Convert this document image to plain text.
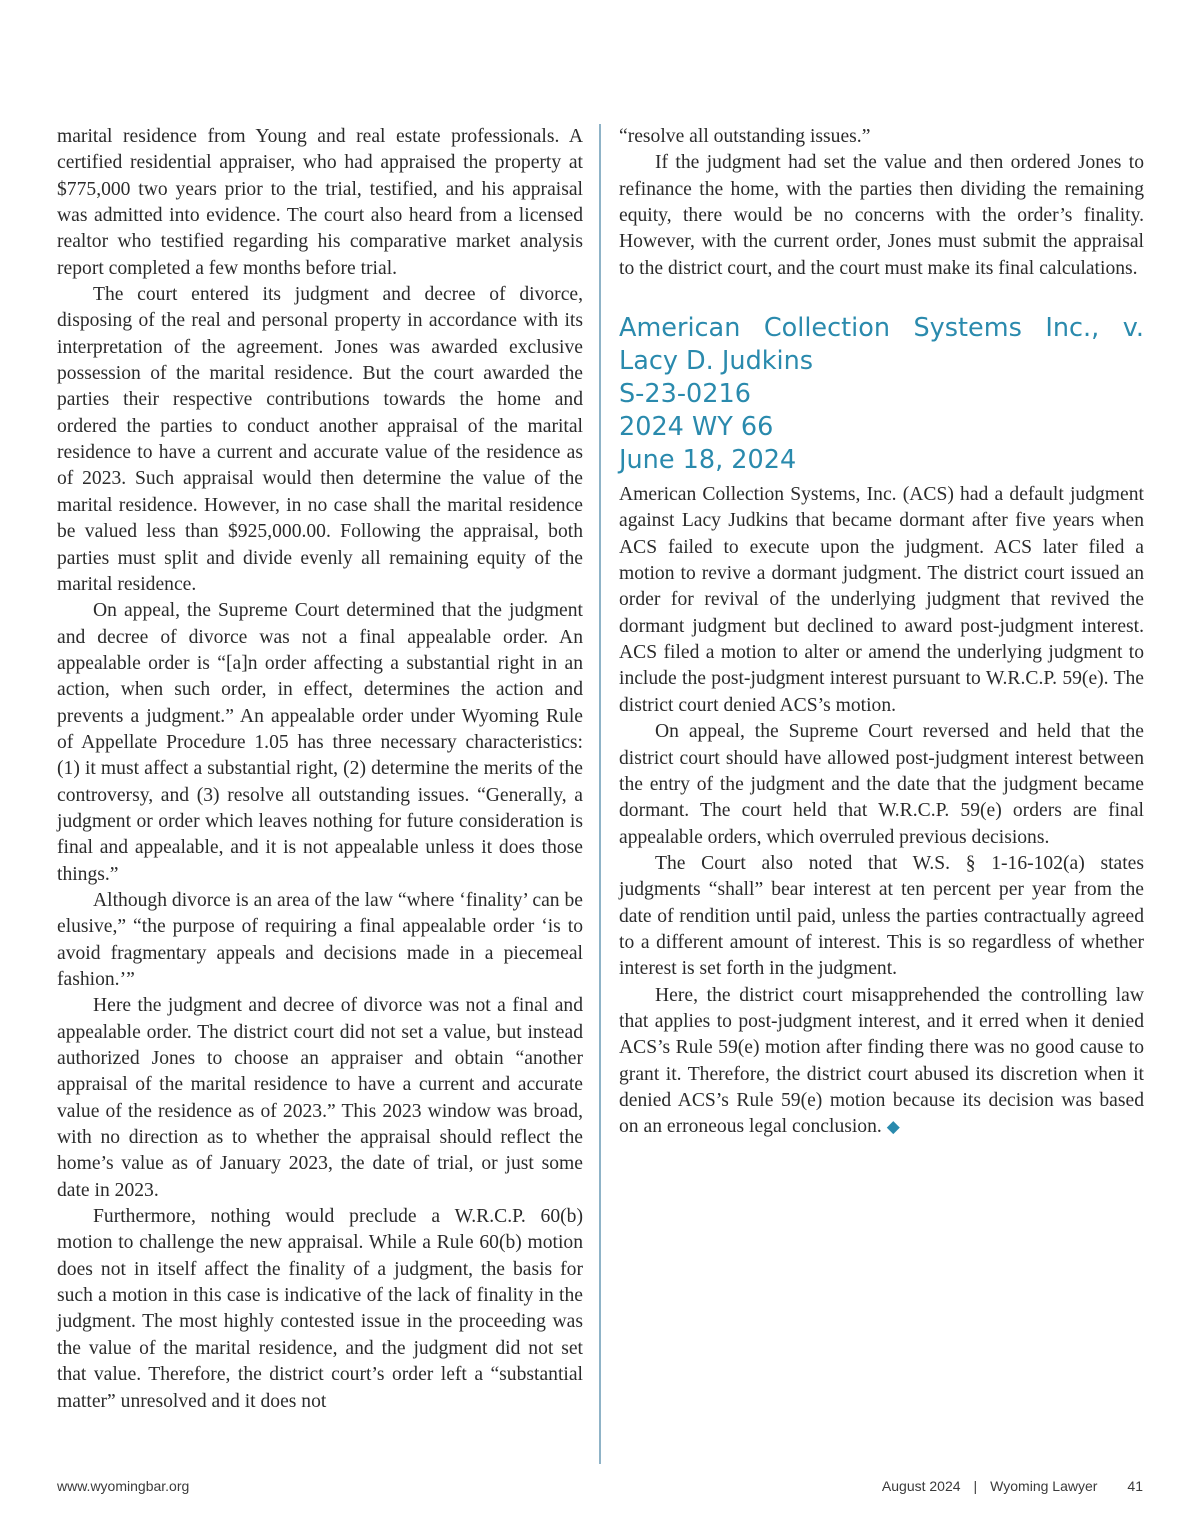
marital residence from Young and real estate professionals. A certified residential appraiser, who had appraised the property at $775,000 two years prior to the trial, testified, and his appraisal was admitted into evidence. The court also heard from a licensed realtor who testified regarding his comparative market analysis report completed a few months before trial.

The court entered its judgment and decree of divorce, disposing of the real and personal property in accordance with its interpretation of the agreement. Jones was awarded exclusive possession of the marital residence. But the court awarded the parties their respective contributions towards the home and ordered the parties to conduct another appraisal of the marital residence to have a current and accurate value of the residence as of 2023. Such appraisal would then determine the value of the marital residence. However, in no case shall the marital residence be valued less than $925,000.00. Following the appraisal, both parties must split and divide evenly all remaining equity of the marital residence.

On appeal, the Supreme Court determined that the judgment and decree of divorce was not a final appealable order. An appealable order is “[a]n order affecting a substantial right in an action, when such order, in effect, determines the action and prevents a judgment.” An appealable order under Wyoming Rule of Appellate Procedure 1.05 has three necessary characteristics: (1) it must affect a substantial right, (2) determine the merits of the controversy, and (3) resolve all outstanding issues. “Generally, a judgment or order which leaves nothing for future consideration is final and appealable, and it is not appealable unless it does those things.”

Although divorce is an area of the law “where ‘finality’ can be elusive,” “the purpose of requiring a final appealable order ‘is to avoid fragmentary appeals and decisions made in a piecemeal fashion.’”

Here the judgment and decree of divorce was not a final and appealable order. The district court did not set a value, but instead authorized Jones to choose an appraiser and obtain “another appraisal of the marital residence to have a current and accurate value of the residence as of 2023.” This 2023 window was broad, with no direction as to whether the appraisal should reflect the home’s value as of January 2023, the date of trial, or just some date in 2023.

Furthermore, nothing would preclude a W.R.C.P. 60(b) motion to challenge the new appraisal. While a Rule 60(b) motion does not in itself affect the finality of a judgment, the basis for such a motion in this case is indicative of the lack of finality in the judgment. The most highly contested issue in the proceeding was the value of the marital residence, and the judgment did not set that value. Therefore, the district court’s order left a “substantial matter” unresolved and it does not

“resolve all outstanding issues.”

If the judgment had set the value and then ordered Jones to refinance the home, with the parties then dividing the remaining equity, there would be no concerns with the order’s finality. However, with the current order, Jones must submit the appraisal to the district court, and the court must make its final calculations.

American Collection Systems Inc., v. Lacy D. Judkins
S-23-0216
2024 WY 66
June 18, 2024

American Collection Systems, Inc. (ACS) had a default judgment against Lacy Judkins that became dormant after five years when ACS failed to execute upon the judgment. ACS later filed a motion to revive a dormant judgment. The district court issued an order for revival of the underlying judgment that revived the dormant judgment but declined to award post-judgment interest. ACS filed a motion to alter or amend the underlying judgment to include the post-judgment interest pursuant to W.R.C.P. 59(e). The district court denied ACS’s motion.

On appeal, the Supreme Court reversed and held that the district court should have allowed post-judgment interest between the entry of the judgment and the date that the judgment became dormant. The court held that W.R.C.P. 59(e) orders are final appealable orders, which overruled previous decisions.

The Court also noted that W.S. § 1-16-102(a) states judgments “shall” bear interest at ten percent per year from the date of rendition until paid, unless the parties contractually agreed to a different amount of interest. This is so regardless of whether interest is set forth in the judgment.

Here, the district court misapprehended the controlling law that applies to post-judgment interest, and it erred when it denied ACS’s Rule 59(e) motion after finding there was no good cause to grant it. Therefore, the district court abused its discretion when it denied ACS’s Rule 59(e) motion because its decision was based on an erroneous legal conclusion. ◆

www.wyomingbar.org	August 2024 | Wyoming Lawyer 41
